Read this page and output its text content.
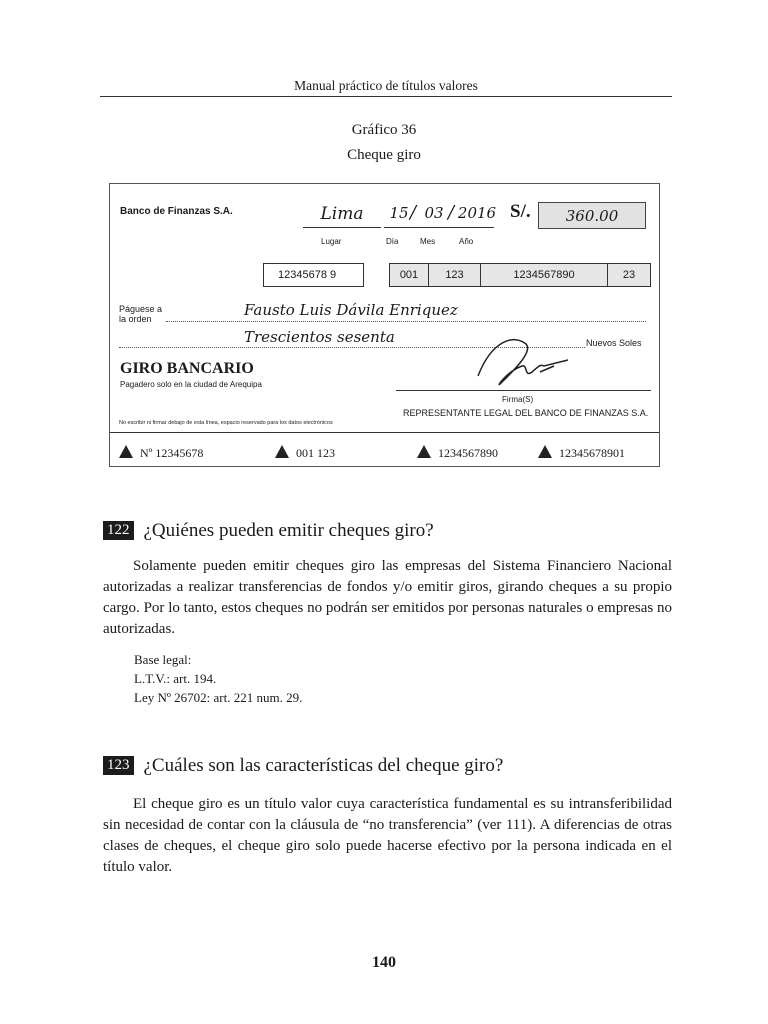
Manual práctico de títulos valores
Gráfico 36
Cheque giro
Banco de Finanzas S.A.	Lima
Lugar
15 / 03 / 2016
Día	Mes	Año
S/.	360.00
12345678 9	001	123	1234567890	23
Páguese a
la orden	Fausto Luis Dávila Enriquez
Trescientos sesenta	Nuevos Soles
GIRO BANCARIO
Pagadero solo en la ciudad de Arequipa
Firma(S)
REPRESENTANTE LEGAL DEL BANCO DE FINANZAS S.A.
No escribir ni firmar debajo de esta línea, espacio reservado para los datos electrónicos
Nº 12345678	001 123	1234567890	12345678901
122 ¿Quiénes pueden emitir cheques giro?
Solamente pueden emitir cheques giro las empresas del Sistema Financiero Nacional autorizadas a realizar transferencias de fondos y/o emitir giros, girando cheques a su propio cargo. Por lo tanto, estos cheques no podrán ser emitidos por personas naturales o empresas no autorizadas.
Base legal:
L.T.V.: art. 194.
Ley Nº 26702: art. 221 num. 29.
123 ¿Cuáles son las características del cheque giro?
El cheque giro es un título valor cuya característica fundamental es su intransferibilidad sin necesidad de contar con la cláusula de “no transferencia” (ver 111). A diferencias de otras clases de cheques, el cheque giro solo puede hacerse efectivo por la persona indicada en el título valor.
140
